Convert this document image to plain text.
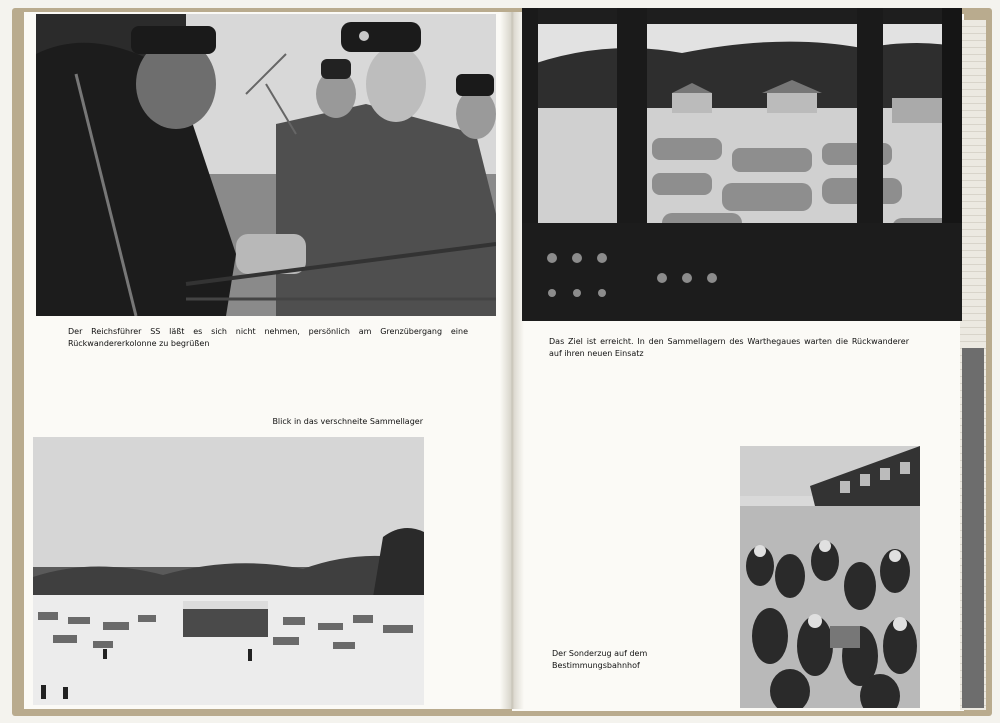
Der Reichsführer SS läßt es sich nicht nehmen, persönlich am Grenzübergang eine Rückwandererkolonne zu begrüßen
Blick in das verschneite Sammellager
Das Ziel ist erreicht. In den Sammellagern des Warthegaues warten die Rückwanderer auf ihren neuen Einsatz
Der Sonderzug auf dem Bestimmungsbahnhof
